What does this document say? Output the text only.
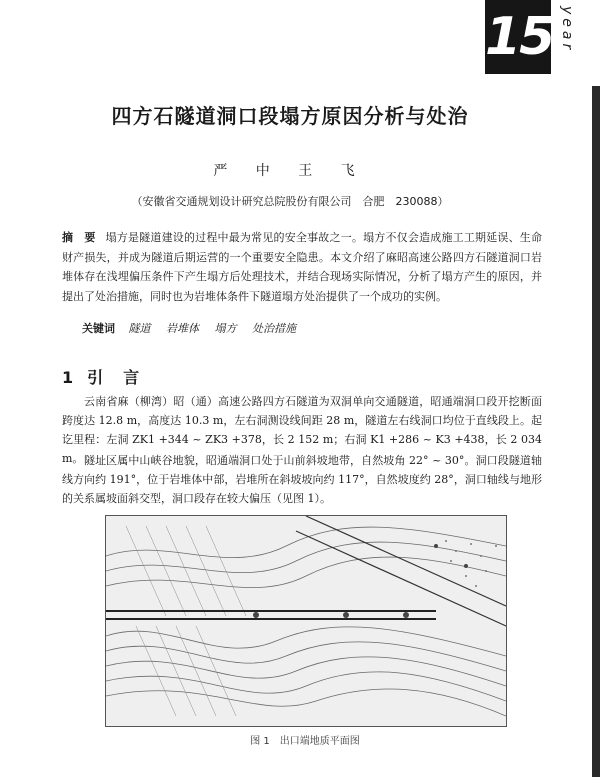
15 year
四方石隧道洞口段塌方原因分析与处治
严 中 王 飞
（安徽省交通规划设计研究总院股份有限公司　合肥　230088）
摘　要 塌方是隧道建设的过程中最为常见的安全事故之一。塌方不仅会造成施工工期延误、生命财产损失，并成为隧道后期运营的一个重要安全隐患。本文介绍了麻昭高速公路四方石隧道洞口岩堆体存在浅埋偏压条件下产生塌方后处理技术，并结合现场实际情况，分析了塌方产生的原因，并提出了处治措施，同时也为岩堆体条件下隧道塌方处治提供了一个成功的实例。
关键词 隧道 岩堆体 塌方 处治措施
1 引　言

云南省麻（柳湾）昭（通）高速公路四方石隧道为双洞单向交通隧道，昭通端洞口段开挖断面跨度达 12.8 m，高度达 10.3 m，左右洞测设线间距 28 m，隧道左右线洞口均位于直线段上。起讫里程：左洞 ZK1 +344 ~ ZK3 +378，长 2 152 m；右洞 K1 +286 ~ K3 +438，长 2 034 m。 隧址区属中山峡谷地貌，昭通端洞口处于山前斜坡地带，自然坡角 22° ~ 30°。洞口段隧道轴线方向约 191°，位于岩堆体中部，岩堆所在斜坡坡向约 117°，自然坡度约 28°，洞口轴线与地形的关系属坡面斜交型，洞口段存在较大偏压（见图 1）。

图 1 出口端地质平面图
